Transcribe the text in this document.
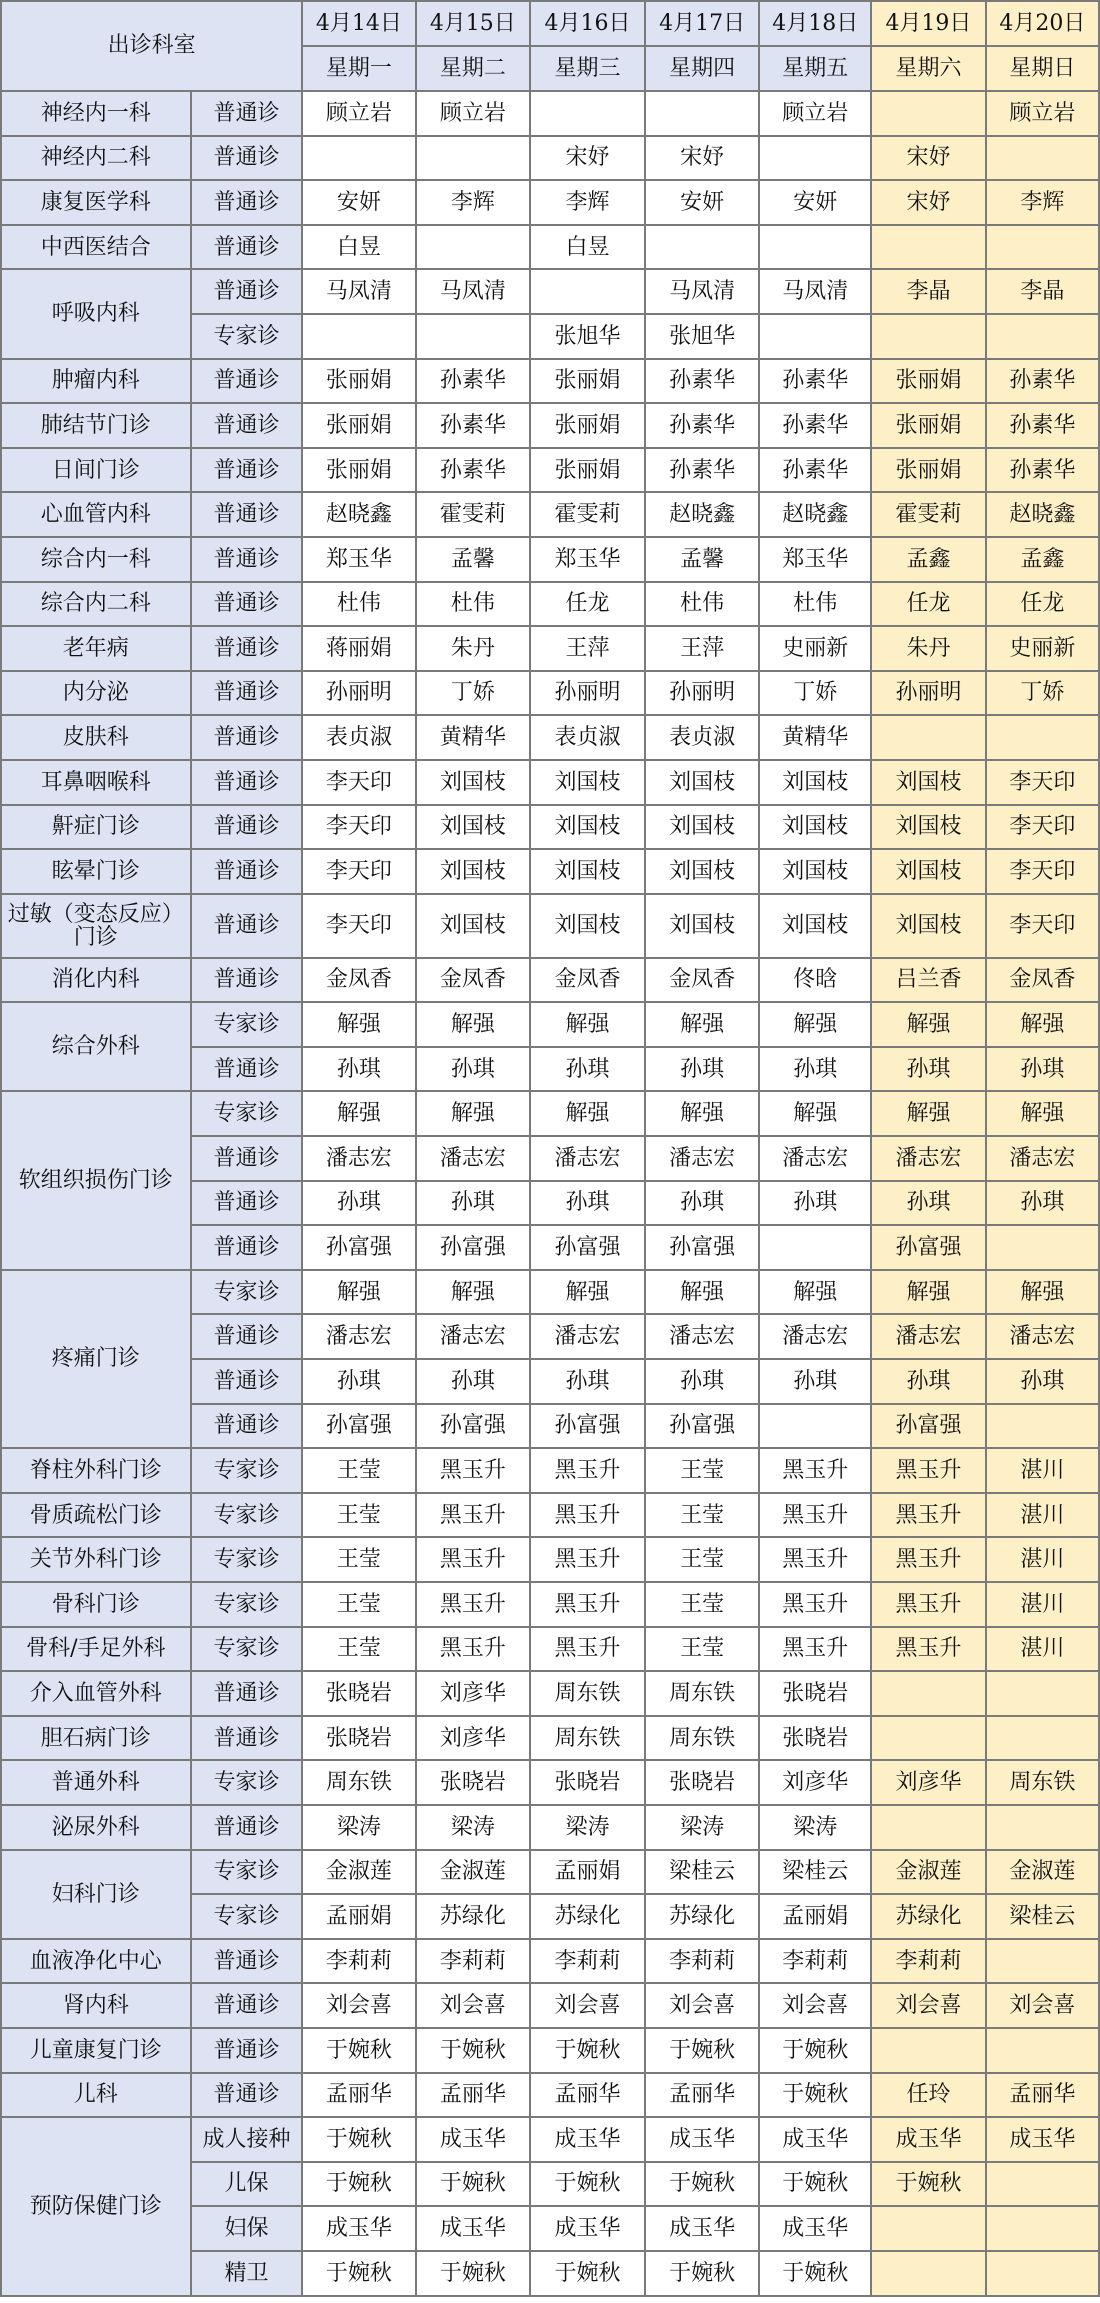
出诊科室		4月14日	4月15日	4月16日	4月17日	4月18日	4月19日	4月20日
		星期一	星期二	星期三	星期四	星期五	星期六	星期日
神经内一科	普通诊	顾立岩	顾立岩			顾立岩		顾立岩
神经内二科	普通诊			宋妤	宋妤		宋妤	
康复医学科	普通诊	安妍	李辉	李辉	安妍	安妍	宋妤	李辉
中西医结合	普通诊	白昱		白昱				
呼吸内科	普通诊	马凤清	马凤清		马凤清	马凤清	李晶	李晶
	专家诊			张旭华	张旭华			
肿瘤内科	普通诊	张丽娟	孙素华	张丽娟	孙素华	孙素华	张丽娟	孙素华
肺结节门诊	普通诊	张丽娟	孙素华	张丽娟	孙素华	孙素华	张丽娟	孙素华
日间门诊	普通诊	张丽娟	孙素华	张丽娟	孙素华	孙素华	张丽娟	孙素华
心血管内科	普通诊	赵晓鑫	霍雯莉	霍雯莉	赵晓鑫	赵晓鑫	霍雯莉	赵晓鑫
综合内一科	普通诊	郑玉华	孟馨	郑玉华	孟馨	郑玉华	孟鑫	孟鑫
综合内二科	普通诊	杜伟	杜伟	任龙	杜伟	杜伟	任龙	任龙
老年病	普通诊	蒋丽娟	朱丹	王萍	王萍	史丽新	朱丹	史丽新
内分泌	普通诊	孙丽明	丁娇	孙丽明	孙丽明	丁娇	孙丽明	丁娇
皮肤科	普通诊	表贞淑	黄精华	表贞淑	表贞淑	黄精华		
耳鼻咽喉科	普通诊	李天印	刘国枝	刘国枝	刘国枝	刘国枝	刘国枝	李天印
鼾症门诊	普通诊	李天印	刘国枝	刘国枝	刘国枝	刘国枝	刘国枝	李天印
眩晕门诊	普通诊	李天印	刘国枝	刘国枝	刘国枝	刘国枝	刘国枝	李天印
过敏（变态反应）门诊	普通诊	李天印	刘国枝	刘国枝	刘国枝	刘国枝	刘国枝	李天印
消化内科	普通诊	金凤香	金凤香	金凤香	金凤香	佟晗	吕兰香	金凤香
综合外科	专家诊	解强	解强	解强	解强	解强	解强	解强
	普通诊	孙琪	孙琪	孙琪	孙琪	孙琪	孙琪	孙琪
软组织损伤门诊	专家诊	解强	解强	解强	解强	解强	解强	解强
	普通诊	潘志宏	潘志宏	潘志宏	潘志宏	潘志宏	潘志宏	潘志宏
	普通诊	孙琪	孙琪	孙琪	孙琪	孙琪	孙琪	孙琪
	普通诊	孙富强	孙富强	孙富强	孙富强		孙富强	
疼痛门诊	专家诊	解强	解强	解强	解强	解强	解强	解强
	普通诊	潘志宏	潘志宏	潘志宏	潘志宏	潘志宏	潘志宏	潘志宏
	普通诊	孙琪	孙琪	孙琪	孙琪	孙琪	孙琪	孙琪
	普通诊	孙富强	孙富强	孙富强	孙富强		孙富强	
脊柱外科门诊	专家诊	王莹	黑玉升	黑玉升	王莹	黑玉升	黑玉升	湛川
骨质疏松门诊	专家诊	王莹	黑玉升	黑玉升	王莹	黑玉升	黑玉升	湛川
关节外科门诊	专家诊	王莹	黑玉升	黑玉升	王莹	黑玉升	黑玉升	湛川
骨科门诊	专家诊	王莹	黑玉升	黑玉升	王莹	黑玉升	黑玉升	湛川
骨科/手足外科	专家诊	王莹	黑玉升	黑玉升	王莹	黑玉升	黑玉升	湛川
介入血管外科	普通诊	张晓岩	刘彦华	周东铁	周东铁	张晓岩		
胆石病门诊	普通诊	张晓岩	刘彦华	周东铁	周东铁	张晓岩		
普通外科	专家诊	周东铁	张晓岩	张晓岩	张晓岩	刘彦华	刘彦华	周东铁
泌尿外科	普通诊	梁涛	梁涛	梁涛	梁涛	梁涛		
妇科门诊	专家诊	金淑莲	金淑莲	孟丽娟	梁桂云	梁桂云	金淑莲	金淑莲
	专家诊	孟丽娟	苏绿化	苏绿化	苏绿化	孟丽娟	苏绿化	梁桂云
血液净化中心	普通诊	李莉莉	李莉莉	李莉莉	李莉莉	李莉莉	李莉莉	
肾内科	普通诊	刘会喜	刘会喜	刘会喜	刘会喜	刘会喜	刘会喜	刘会喜
儿童康复门诊	普通诊	于婉秋	于婉秋	于婉秋	于婉秋	于婉秋		
儿科	普通诊	孟丽华	孟丽华	孟丽华	孟丽华	于婉秋	任玲	孟丽华
预防保健门诊	成人接种	于婉秋	成玉华	成玉华	成玉华	成玉华	成玉华	成玉华
	儿保	于婉秋	于婉秋	于婉秋	于婉秋	于婉秋	于婉秋	
	妇保	成玉华	成玉华	成玉华	成玉华	成玉华		
	精卫	于婉秋	于婉秋	于婉秋	于婉秋	于婉秋		
